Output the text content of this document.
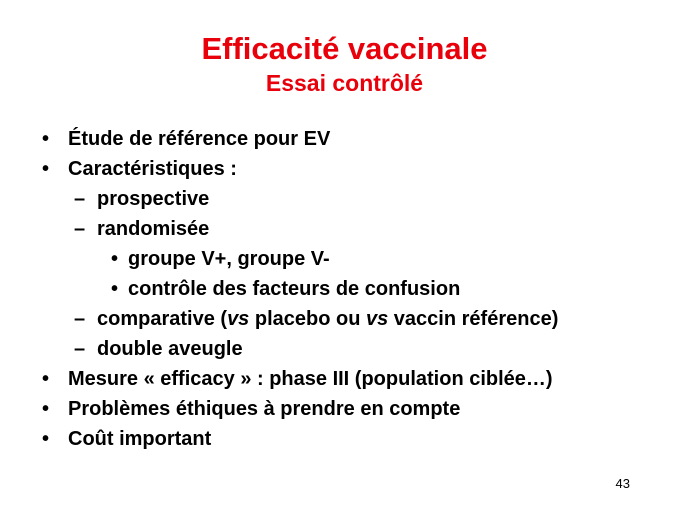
Efficacité vaccinale
Essai contrôlé
• Étude de référence pour EV
• Caractéristiques :
– prospective
– randomisée
• groupe V+, groupe V-
• contrôle des facteurs de confusion
– comparative (vs placebo ou vs vaccin référence)
– double aveugle
• Mesure « efficacy » : phase III (population ciblée…)
• Problèmes éthiques à prendre en compte
• Coût important
43
